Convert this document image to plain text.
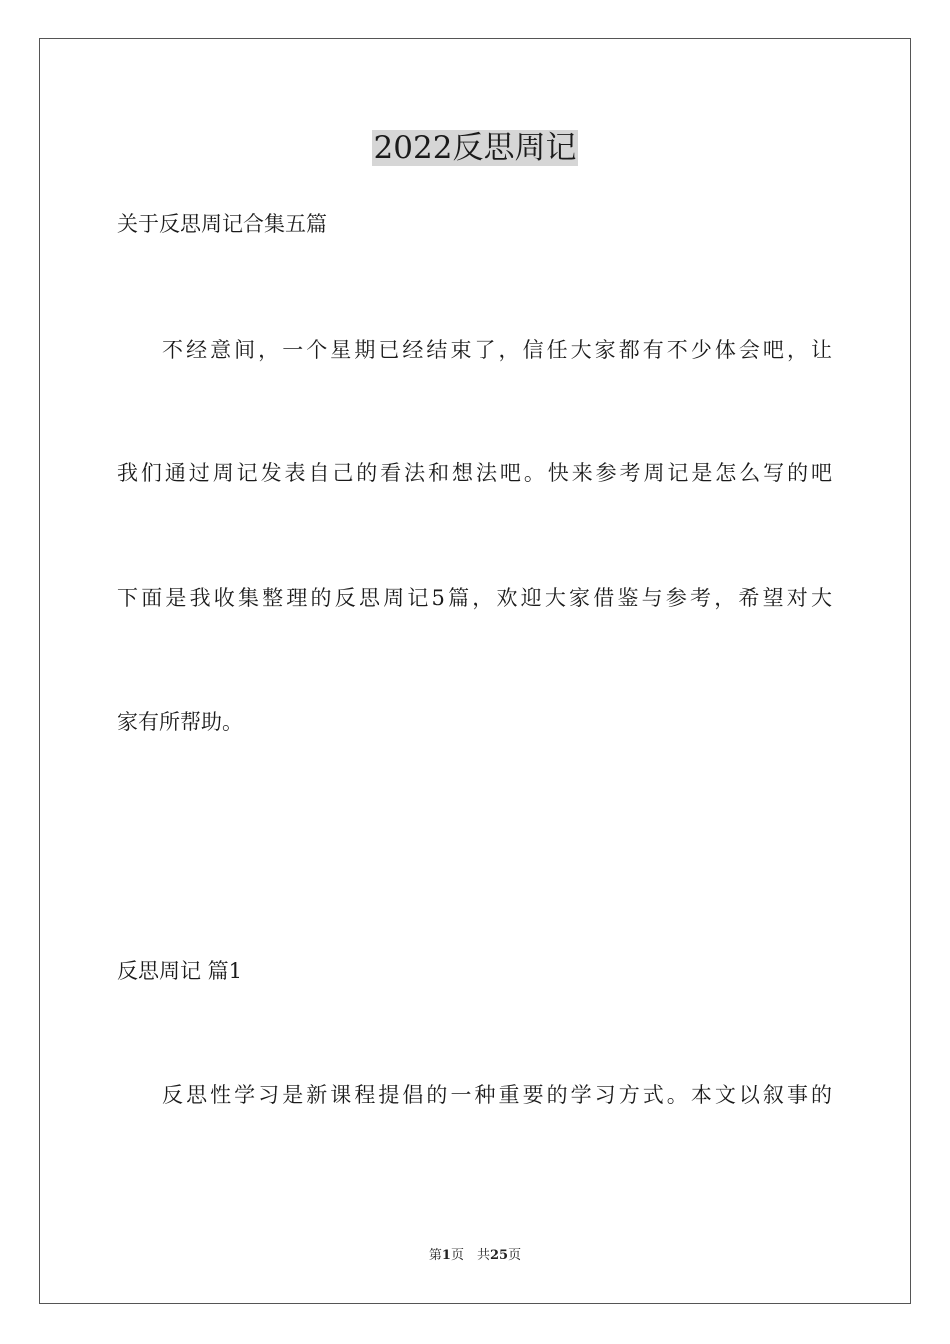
2022反思周记
关于反思周记合集五篇
不经意间，一个星期已经结束了，信任大家都有不少体会吧，让
我们通过周记发表自己的看法和想法吧。快来参考周记是怎么写的吧
下面是我收集整理的反思周记5篇，欢迎大家借鉴与参考，希望对大
家有所帮助。
反思周记 篇1
反思性学习是新课程提倡的一种重要的学习方式。本文以叙事的
第1页　共25页
